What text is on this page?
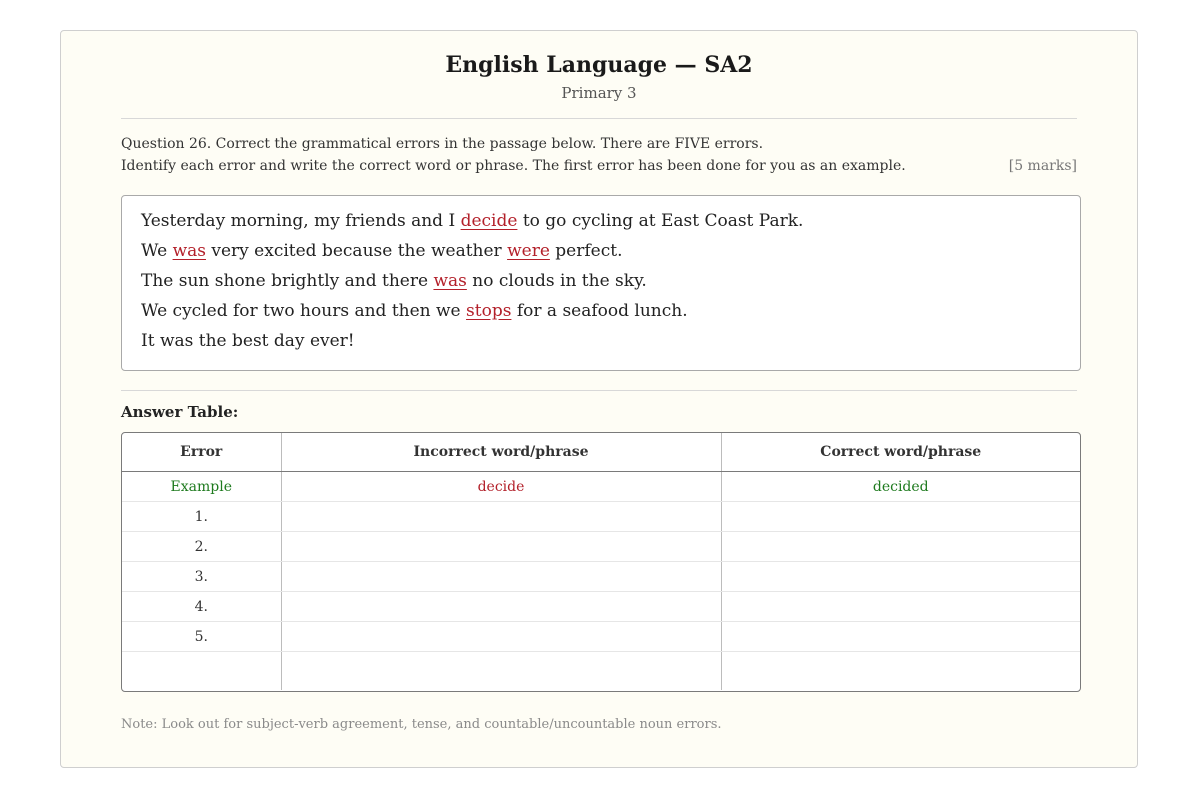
English Language — SA2
Primary 3
Question 26. Correct the grammatical errors in the passage below. There are FIVE errors.
Identify each error and write the correct word or phrase. The first error has been done for you as an example.	[5 marks]
Yesterday morning, my friends and I decide to go cycling at East Coast Park.
We was very excited because the weather were perfect.
The sun shone brightly and there was no clouds in the sky.
We cycled for two hours and then we stops for a seafood lunch.
It was the best day ever!
Answer Table:
Error	Incorrect word/phrase	Correct word/phrase
Example	decide	decided
1.		
2.		
3.		
4.		
5.		

Note: Look out for subject-verb agreement, tense, and countable/uncountable noun errors.
